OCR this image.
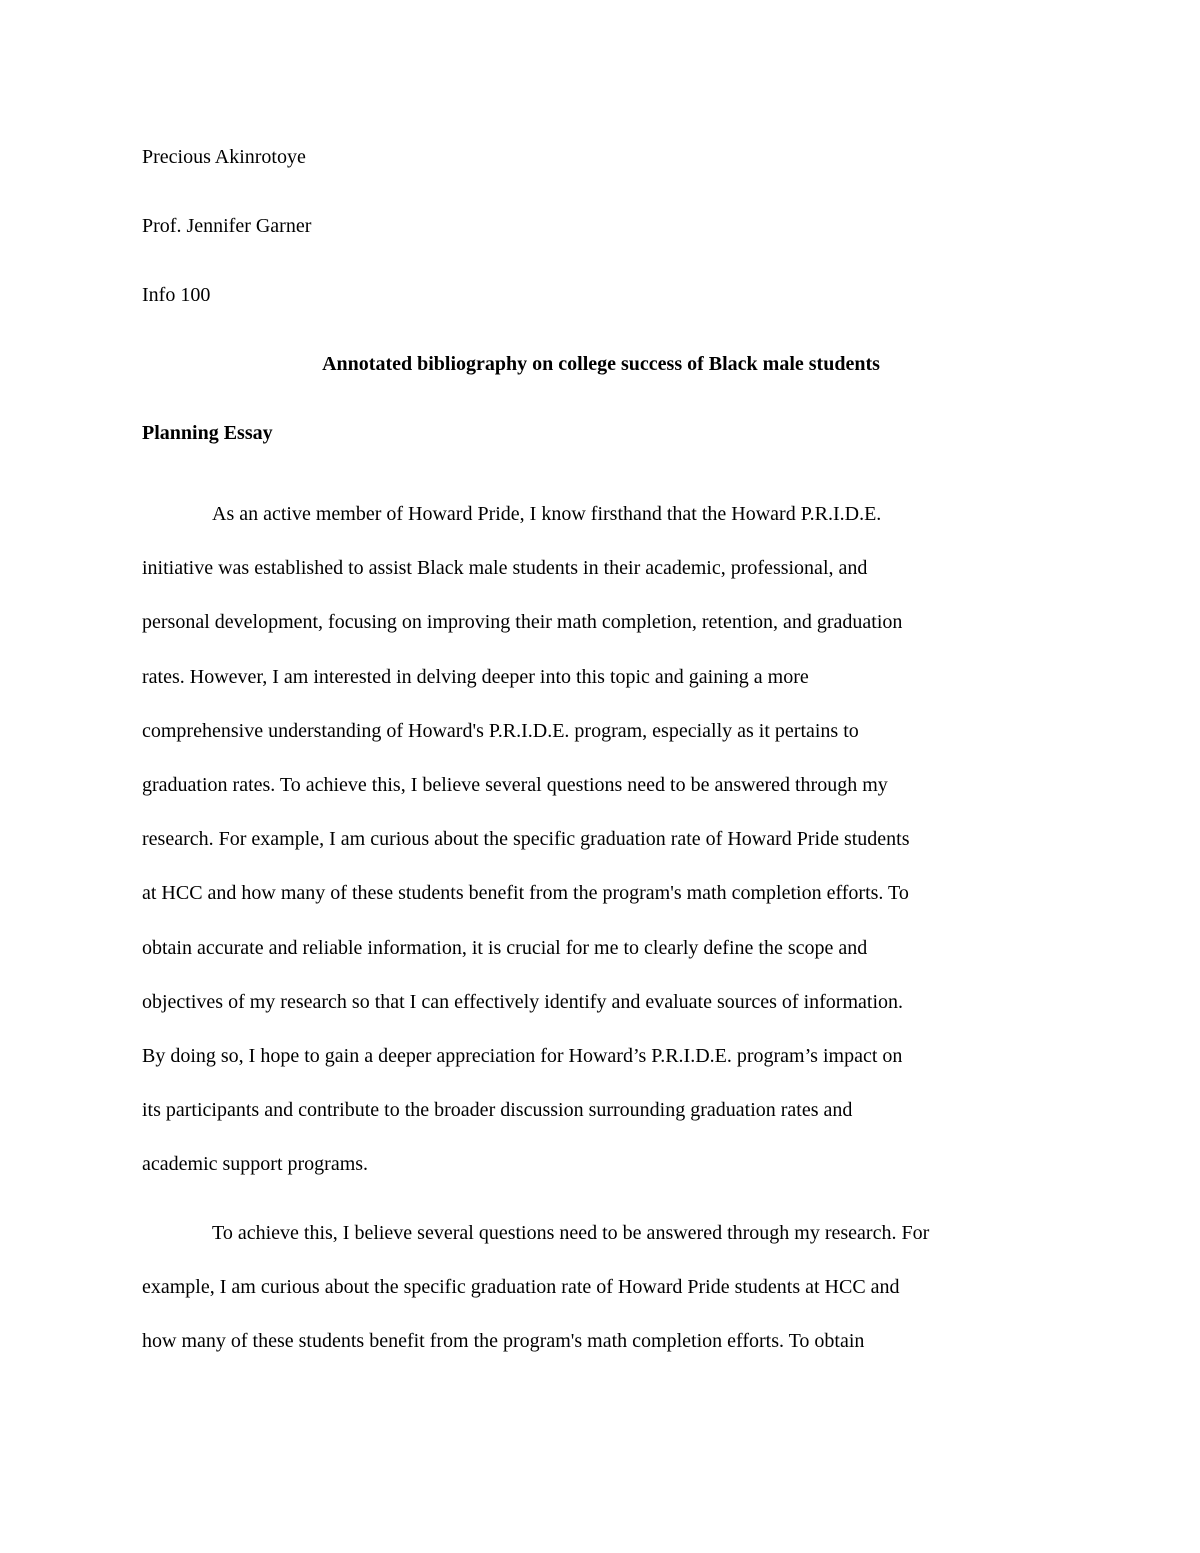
Precious Akinrotoye

Prof. Jennifer Garner

Info 100

Annotated bibliography on college success of Black male students

Planning Essay

As an active member of Howard Pride, I know firsthand that the Howard P.R.I.D.E.
initiative was established to assist Black male students in their academic, professional, and
personal development, focusing on improving their math completion, retention, and graduation
rates. However, I am interested in delving deeper into this topic and gaining a more
comprehensive understanding of Howard's P.R.I.D.E. program, especially as it pertains to
graduation rates. To achieve this, I believe several questions need to be answered through my
research. For example, I am curious about the specific graduation rate of Howard Pride students
at HCC and how many of these students benefit from the program's math completion efforts. To
obtain accurate and reliable information, it is crucial for me to clearly define the scope and
objectives of my research so that I can effectively identify and evaluate sources of information.
By doing so, I hope to gain a deeper appreciation for Howard’s P.R.I.D.E. program’s impact on
its participants and contribute to the broader discussion surrounding graduation rates and
academic support programs.
To achieve this, I believe several questions need to be answered through my research. For
example, I am curious about the specific graduation rate of Howard Pride students at HCC and
how many of these students benefit from the program's math completion efforts. To obtain
